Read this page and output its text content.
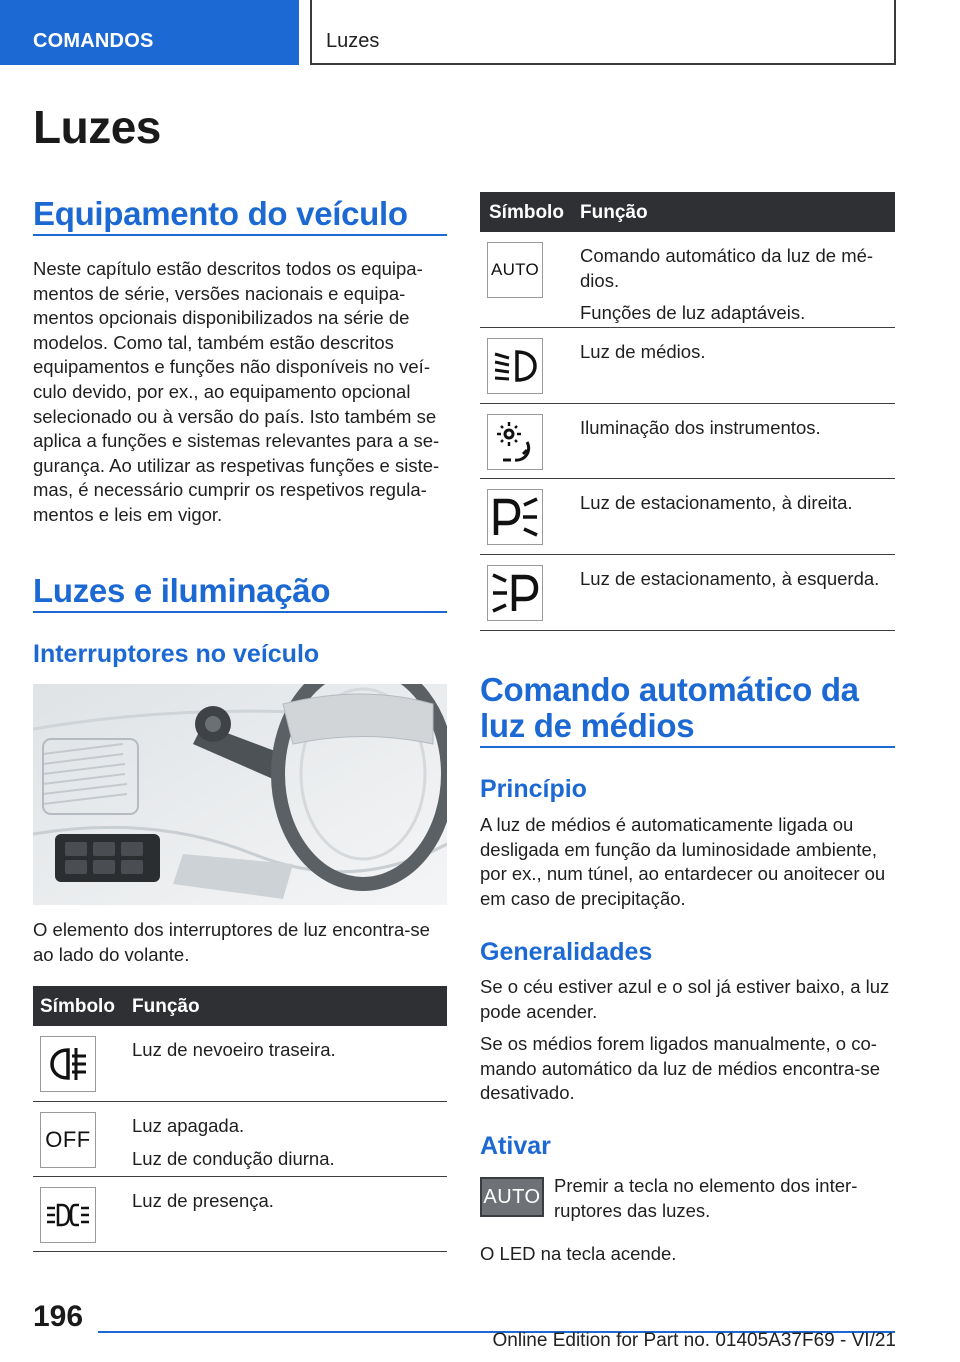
COMANDOS	Luzes
Luzes
Equipamento do veículo
Neste capítulo estão descritos todos os equipamentos de série, versões nacionais e equipamentos opcionais disponibilizados na série de modelos. Como tal, também estão descritos equipamentos e funções não disponíveis no veículo devido, por ex., ao equipamento opcional selecionado ou à versão do país. Isto também se aplica a funções e sistemas relevantes para a segurança. Ao utilizar as respetivas funções e sistemas, é necessário cumprir os respetivos regulamentos e leis em vigor.
Luzes e iluminação
Interruptores no veículo
O elemento dos interruptores de luz encontra-se ao lado do volante.
Símbolo Função

Luz de nevoeiro traseira.

OFF

Luz apagada.

Luz de condução diurna.

Luz de presença.

Símbolo Função
AUTO

Comando automático da luz de médios.

Funções de luz adaptáveis.

Luz de médios.

Iluminação dos instrumentos.

Luz de estacionamento, à direita.

Luz de estacionamento, à esquerda.

Comando automático da
luz de médios
Princípio
A luz de médios é automaticamente ligada ou desligada em função da luminosidade ambiente, por ex., num túnel, ao entardecer ou anoitecer ou em caso de precipitação.
Generalidades
Se o céu estiver azul e o sol já estiver baixo, a luz pode acender.
Se os médios forem ligados manualmente, o comando automático da luz de médios encontra-se desativado.
Ativar
AUTO Premir a tecla no elemento dos interruptores das luzes.
O LED na tecla acende.
196
Online Edition for Part no. 01405A37F69 - VI/21
